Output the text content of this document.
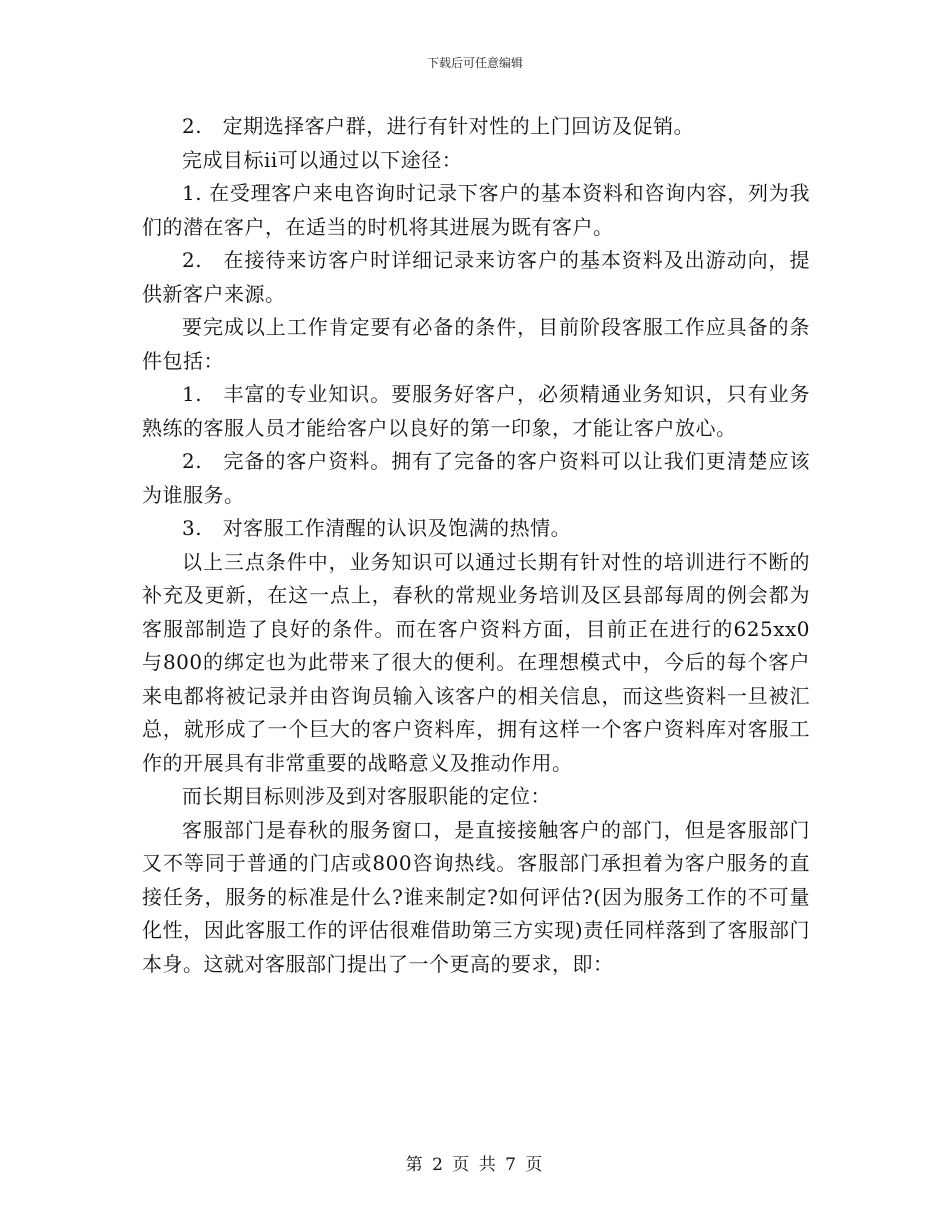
下载后可任意编辑

2.　定期选择客户群，进行有针对性的上门回访及促销。

完成目标ii可以通过以下途径：

1. 在受理客户来电咨询时记录下客户的基本资料和咨询内容，列为我们的潜在客户，在适当的时机将其进展为既有客户。

2.　在接待来访客户时详细记录来访客户的基本资料及出游动向，提供新客户来源。

要完成以上工作肯定要有必备的条件，目前阶段客服工作应具备的条件包括：

1.　丰富的专业知识。要服务好客户，必须精通业务知识，只有业务熟练的客服人员才能给客户以良好的第一印象，才能让客户放心。

2.　完备的客户资料。拥有了完备的客户资料可以让我们更清楚应该为谁服务。

3.　对客服工作清醒的认识及饱满的热情。

以上三点条件中，业务知识可以通过长期有针对性的培训进行不断的补充及更新，在这一点上，春秋的常规业务培训及区县部每周的例会都为客服部制造了良好的条件。而在客户资料方面，目前正在进行的625xx0与800的绑定也为此带来了很大的便利。在理想模式中，今后的每个客户来电都将被记录并由咨询员输入该客户的相关信息，而这些资料一旦被汇总，就形成了一个巨大的客户资料库，拥有这样一个客户资料库对客服工作的开展具有非常重要的战略意义及推动作用。

而长期目标则涉及到对客服职能的定位：

客服部门是春秋的服务窗口，是直接接触客户的部门，但是客服部门又不等同于普通的门店或800咨询热线。客服部门承担着为客户服务的直接任务，服务的标准是什么?谁来制定?如何评估?(因为服务工作的不可量化性，因此客服工作的评估很难借助第三方实现)责任同样落到了客服部门本身。这就对客服部门提出了一个更高的要求，即：

第 2 页 共 7 页
